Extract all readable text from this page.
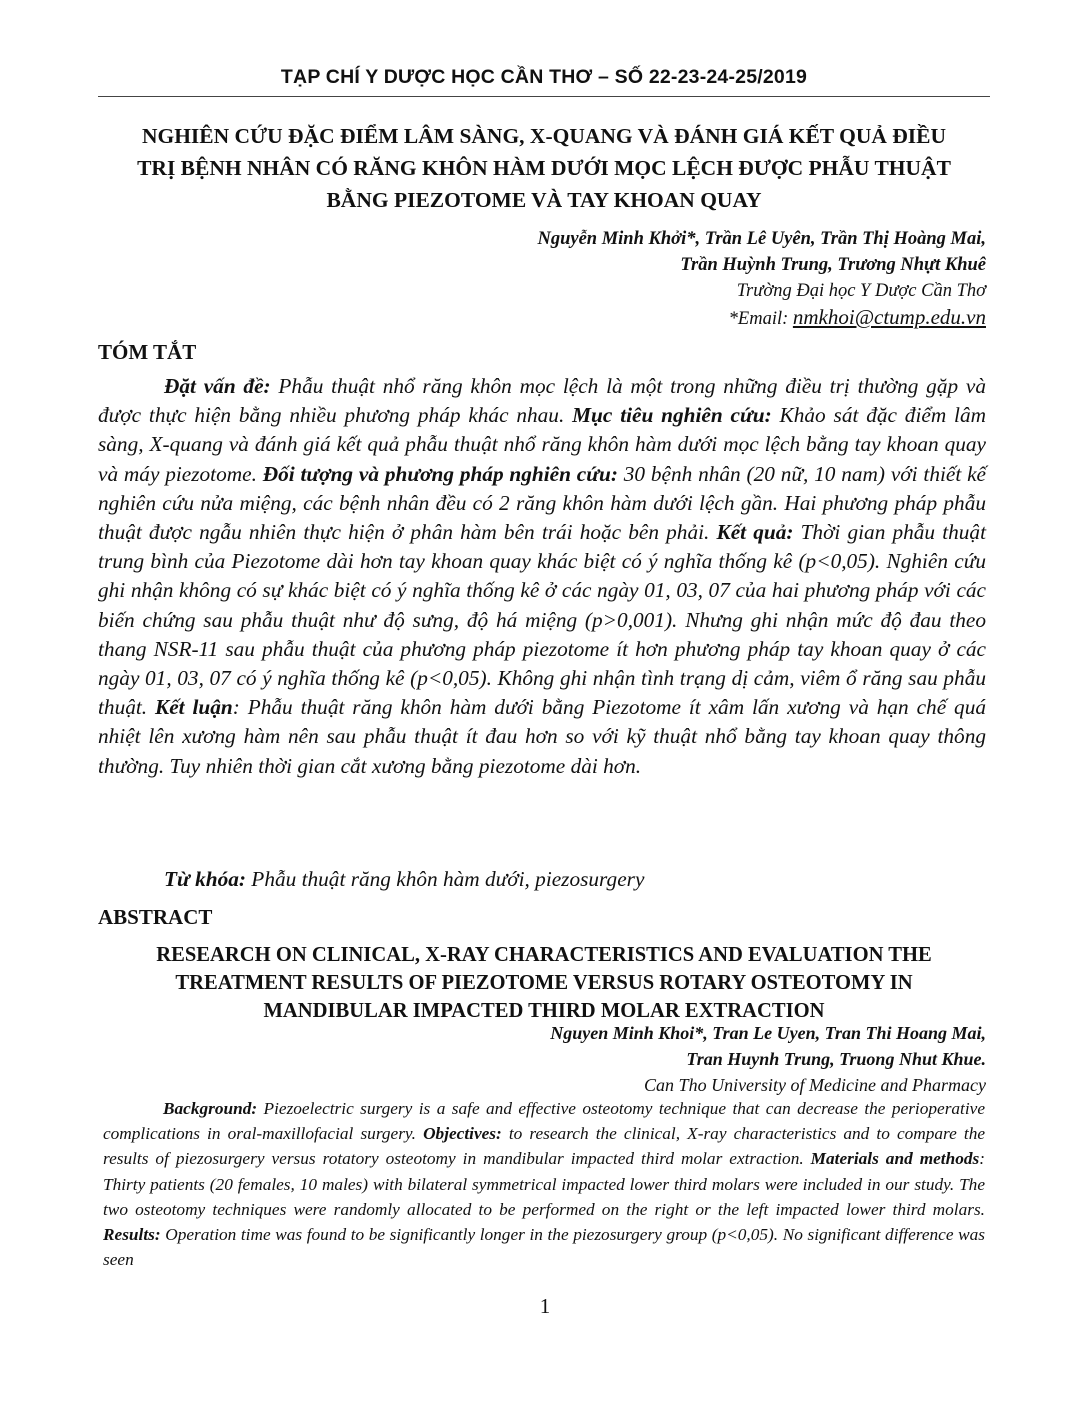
TẠP CHÍ Y DƯỢC HỌC CẦN THƠ – SỐ 22-23-24-25/2019
NGHIÊN CỨU ĐẶC ĐIỂM LÂM SÀNG, X-QUANG VÀ ĐÁNH GIÁ KẾT QUẢ ĐIỀU
TRỊ BỆNH NHÂN CÓ RĂNG KHÔN HÀM DƯỚI MỌC LỆCH ĐƯỢC PHẪU THUẬT
BẰNG PIEZOTOME VÀ TAY KHOAN QUAY
Nguyễn Minh Khởi*, Trần Lê Uyên, Trần Thị Hoàng Mai,
Trần Huỳnh Trung, Trương Nhựt Khuê
Trường Đại học Y Dược Cần Thơ
*Email: nmkhoi@ctump.edu.vn
TÓM TẮT

Đặt vấn đề: Phẫu thuật nhổ răng khôn mọc lệch là một trong những điều trị thường gặp và được thực hiện bằng nhiều phương pháp khác nhau. Mục tiêu nghiên cứu: Khảo sát đặc điểm lâm sàng, X-quang và đánh giá kết quả phẫu thuật nhổ răng khôn hàm dưới mọc lệch bằng tay khoan quay và máy piezotome. Đối tượng và phương pháp nghiên cứu: 30 bệnh nhân (20 nữ, 10 nam) với thiết kế nghiên cứu nửa miệng, các bệnh nhân đều có 2 răng khôn hàm dưới lệch gần. Hai phương pháp phẫu thuật được ngẫu nhiên thực hiện ở phân hàm bên trái hoặc bên phải. Kết quả: Thời gian phẫu thuật trung bình của Piezotome dài hơn tay khoan quay khác biệt có ý nghĩa thống kê (p<0,05). Nghiên cứu ghi nhận không có sự khác biệt có ý nghĩa thống kê ở các ngày 01, 03, 07 của hai phương pháp với các biến chứng sau phẫu thuật như độ sưng, độ há miệng (p>0,001). Nhưng ghi nhận mức độ đau theo thang NSR-11 sau phẫu thuật của phương pháp piezotome ít hơn phương pháp tay khoan quay ở các ngày 01, 03, 07 có ý nghĩa thống kê (p<0,05). Không ghi nhận tình trạng dị cảm, viêm ổ răng sau phẫu thuật. Kết luận: Phẫu thuật răng khôn hàm dưới bằng Piezotome ít xâm lấn xương và hạn chế quá nhiệt lên xương hàm nên sau phẫu thuật ít đau hơn so với kỹ thuật nhổ bằng tay khoan quay thông thường. Tuy nhiên thời gian cắt xương bằng piezotome dài hơn.

Từ khóa: Phẫu thuật răng khôn hàm dưới, piezosurgery
ABSTRACT
RESEARCH ON CLINICAL, X-RAY CHARACTERISTICS AND EVALUATION THE
TREATMENT RESULTS OF PIEZOTOME VERSUS ROTARY OSTEOTOMY IN
MANDIBULAR IMPACTED THIRD MOLAR EXTRACTION
Nguyen Minh Khoi*, Tran Le Uyen, Tran Thi Hoang Mai,
Tran Huynh Trung, Truong Nhut Khue.
Can Tho University of Medicine and Pharmacy

Background: Piezoelectric surgery is a safe and effective osteotomy technique that can decrease the perioperative complications in oral-maxillofacial surgery. Objectives: to research the clinical, X-ray characteristics and to compare the results of piezosurgery versus rotatory osteotomy in mandibular impacted third molar extraction. Materials and methods: Thirty patients (20 females, 10 males) with bilateral symmetrical impacted lower third molars were included in our study. The two osteotomy techniques were randomly allocated to be performed on the right or the left impacted lower third molars. Results: Operation time was found to be significantly longer in the piezosurgery group (p<0,05). No significant difference was seen

1
